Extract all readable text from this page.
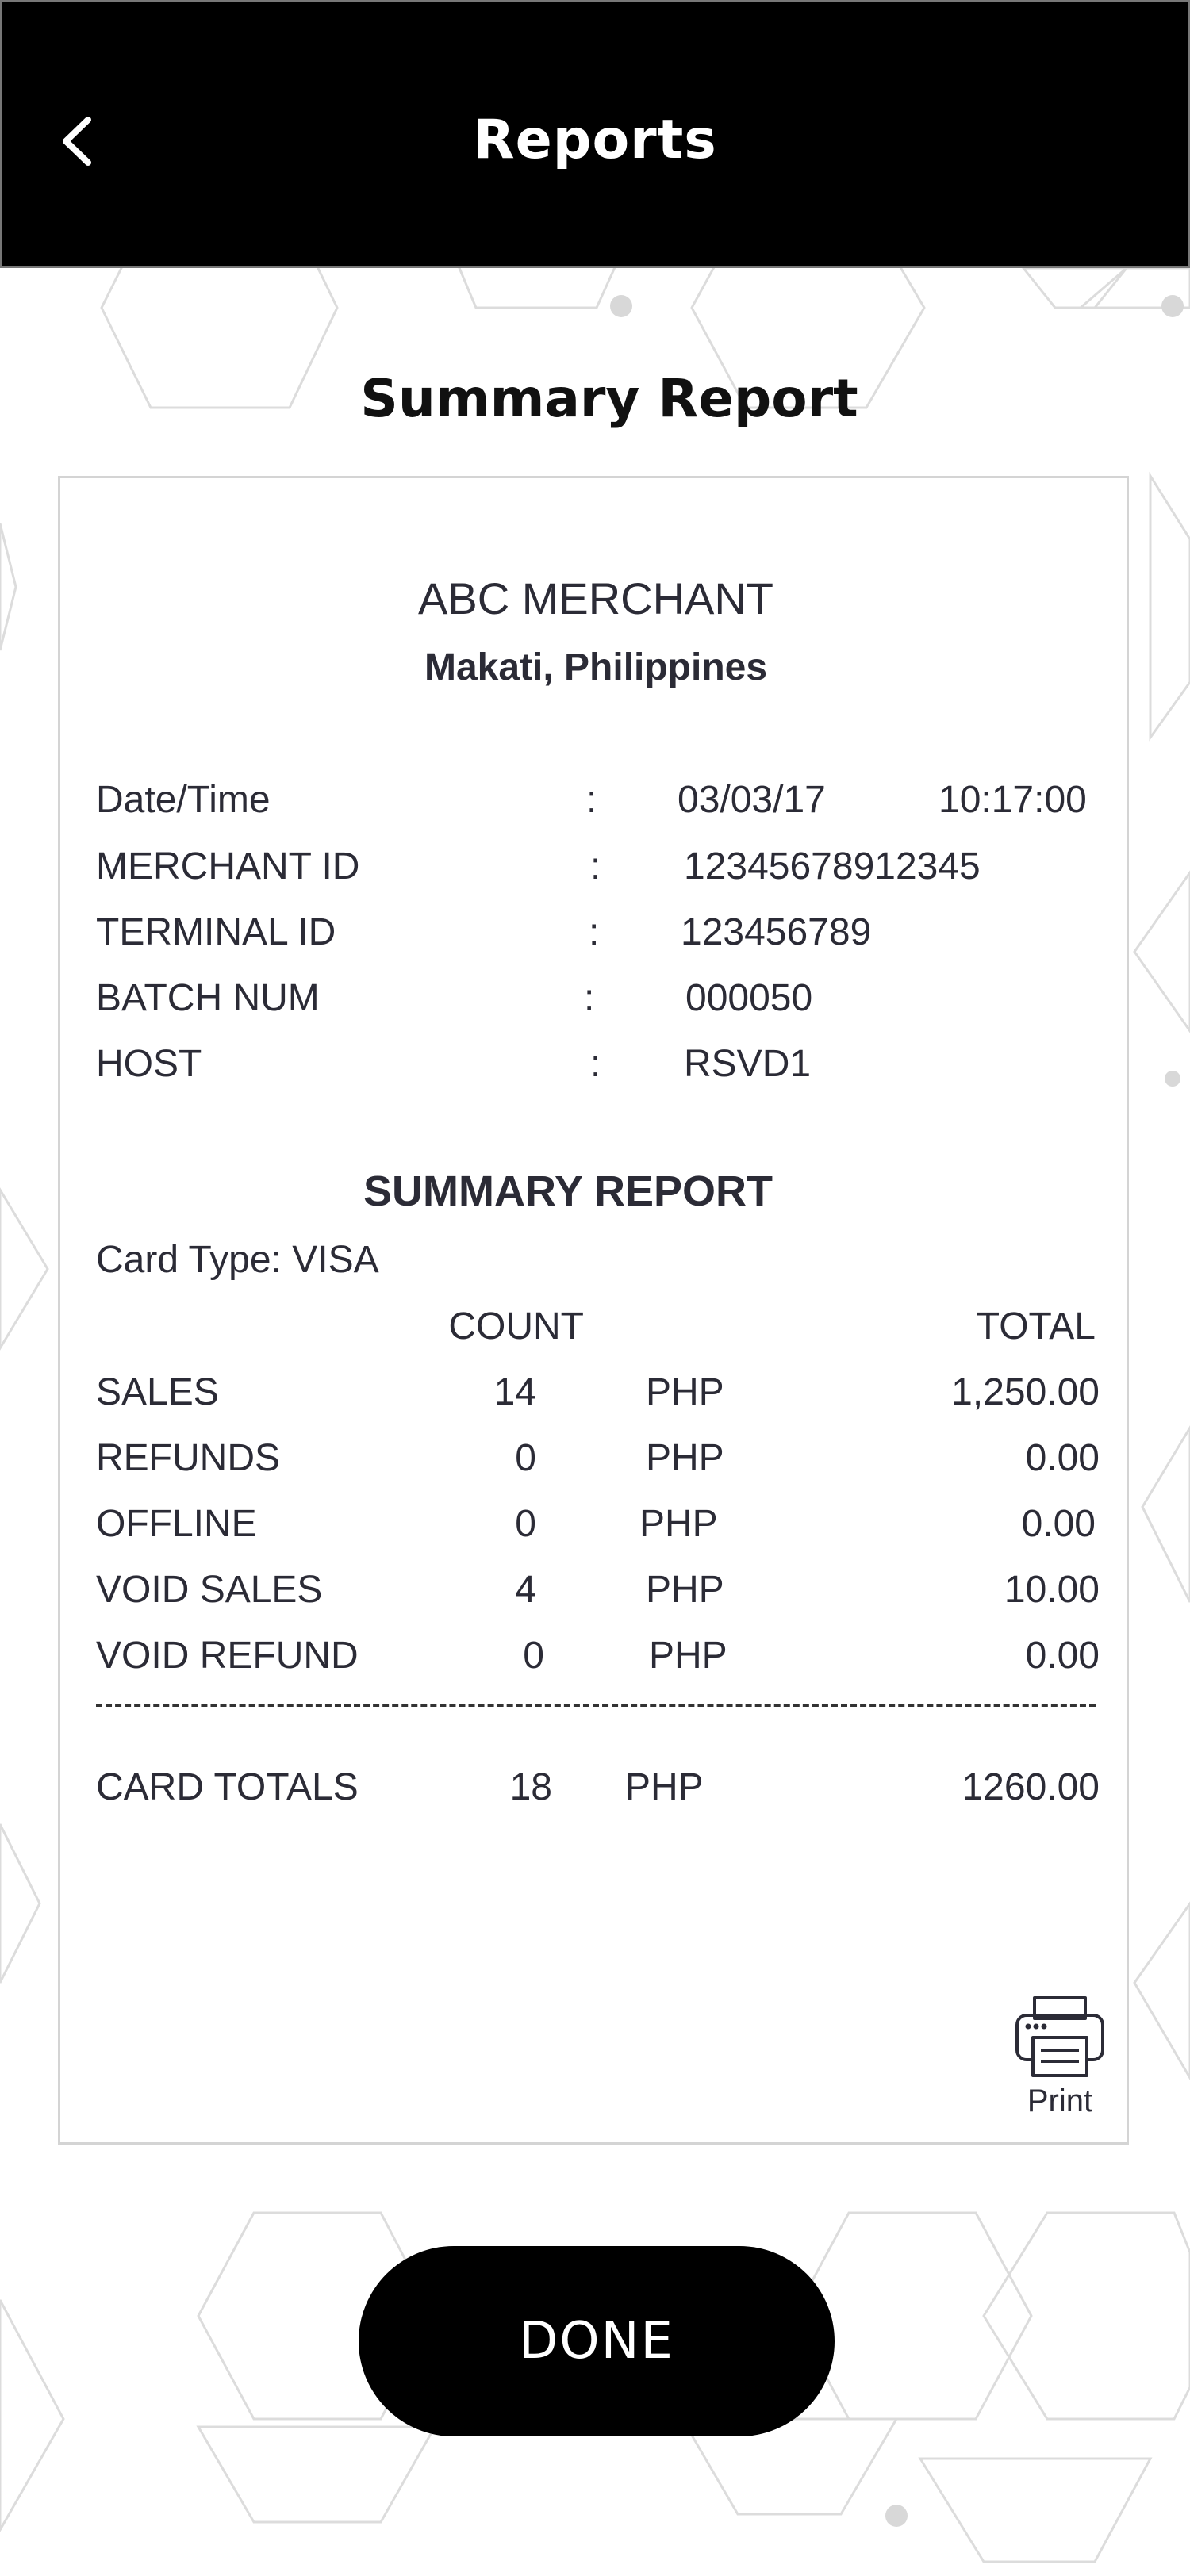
Reports
Summary Report
ABC MERCHANT
Makati, Philippines
Date/Time	: 03/03/17	10:17:00
MERCHANT ID	: 12345678912345
TERMINAL ID	: 123456789
BATCH NUM	: 000050
HOST	: RSVD1
SUMMARY REPORT
Card Type: VISA
COUNT	TOTAL
SALES	14	PHP	1,250.00
REFUNDS	0	PHP	0.00
OFFLINE	0	PHP	0.00
VOID SALES	4	PHP	10.00
VOID REFUND	0	PHP	0.00
CARD TOTALS	18 PHP	1260.00
Print
DONE
